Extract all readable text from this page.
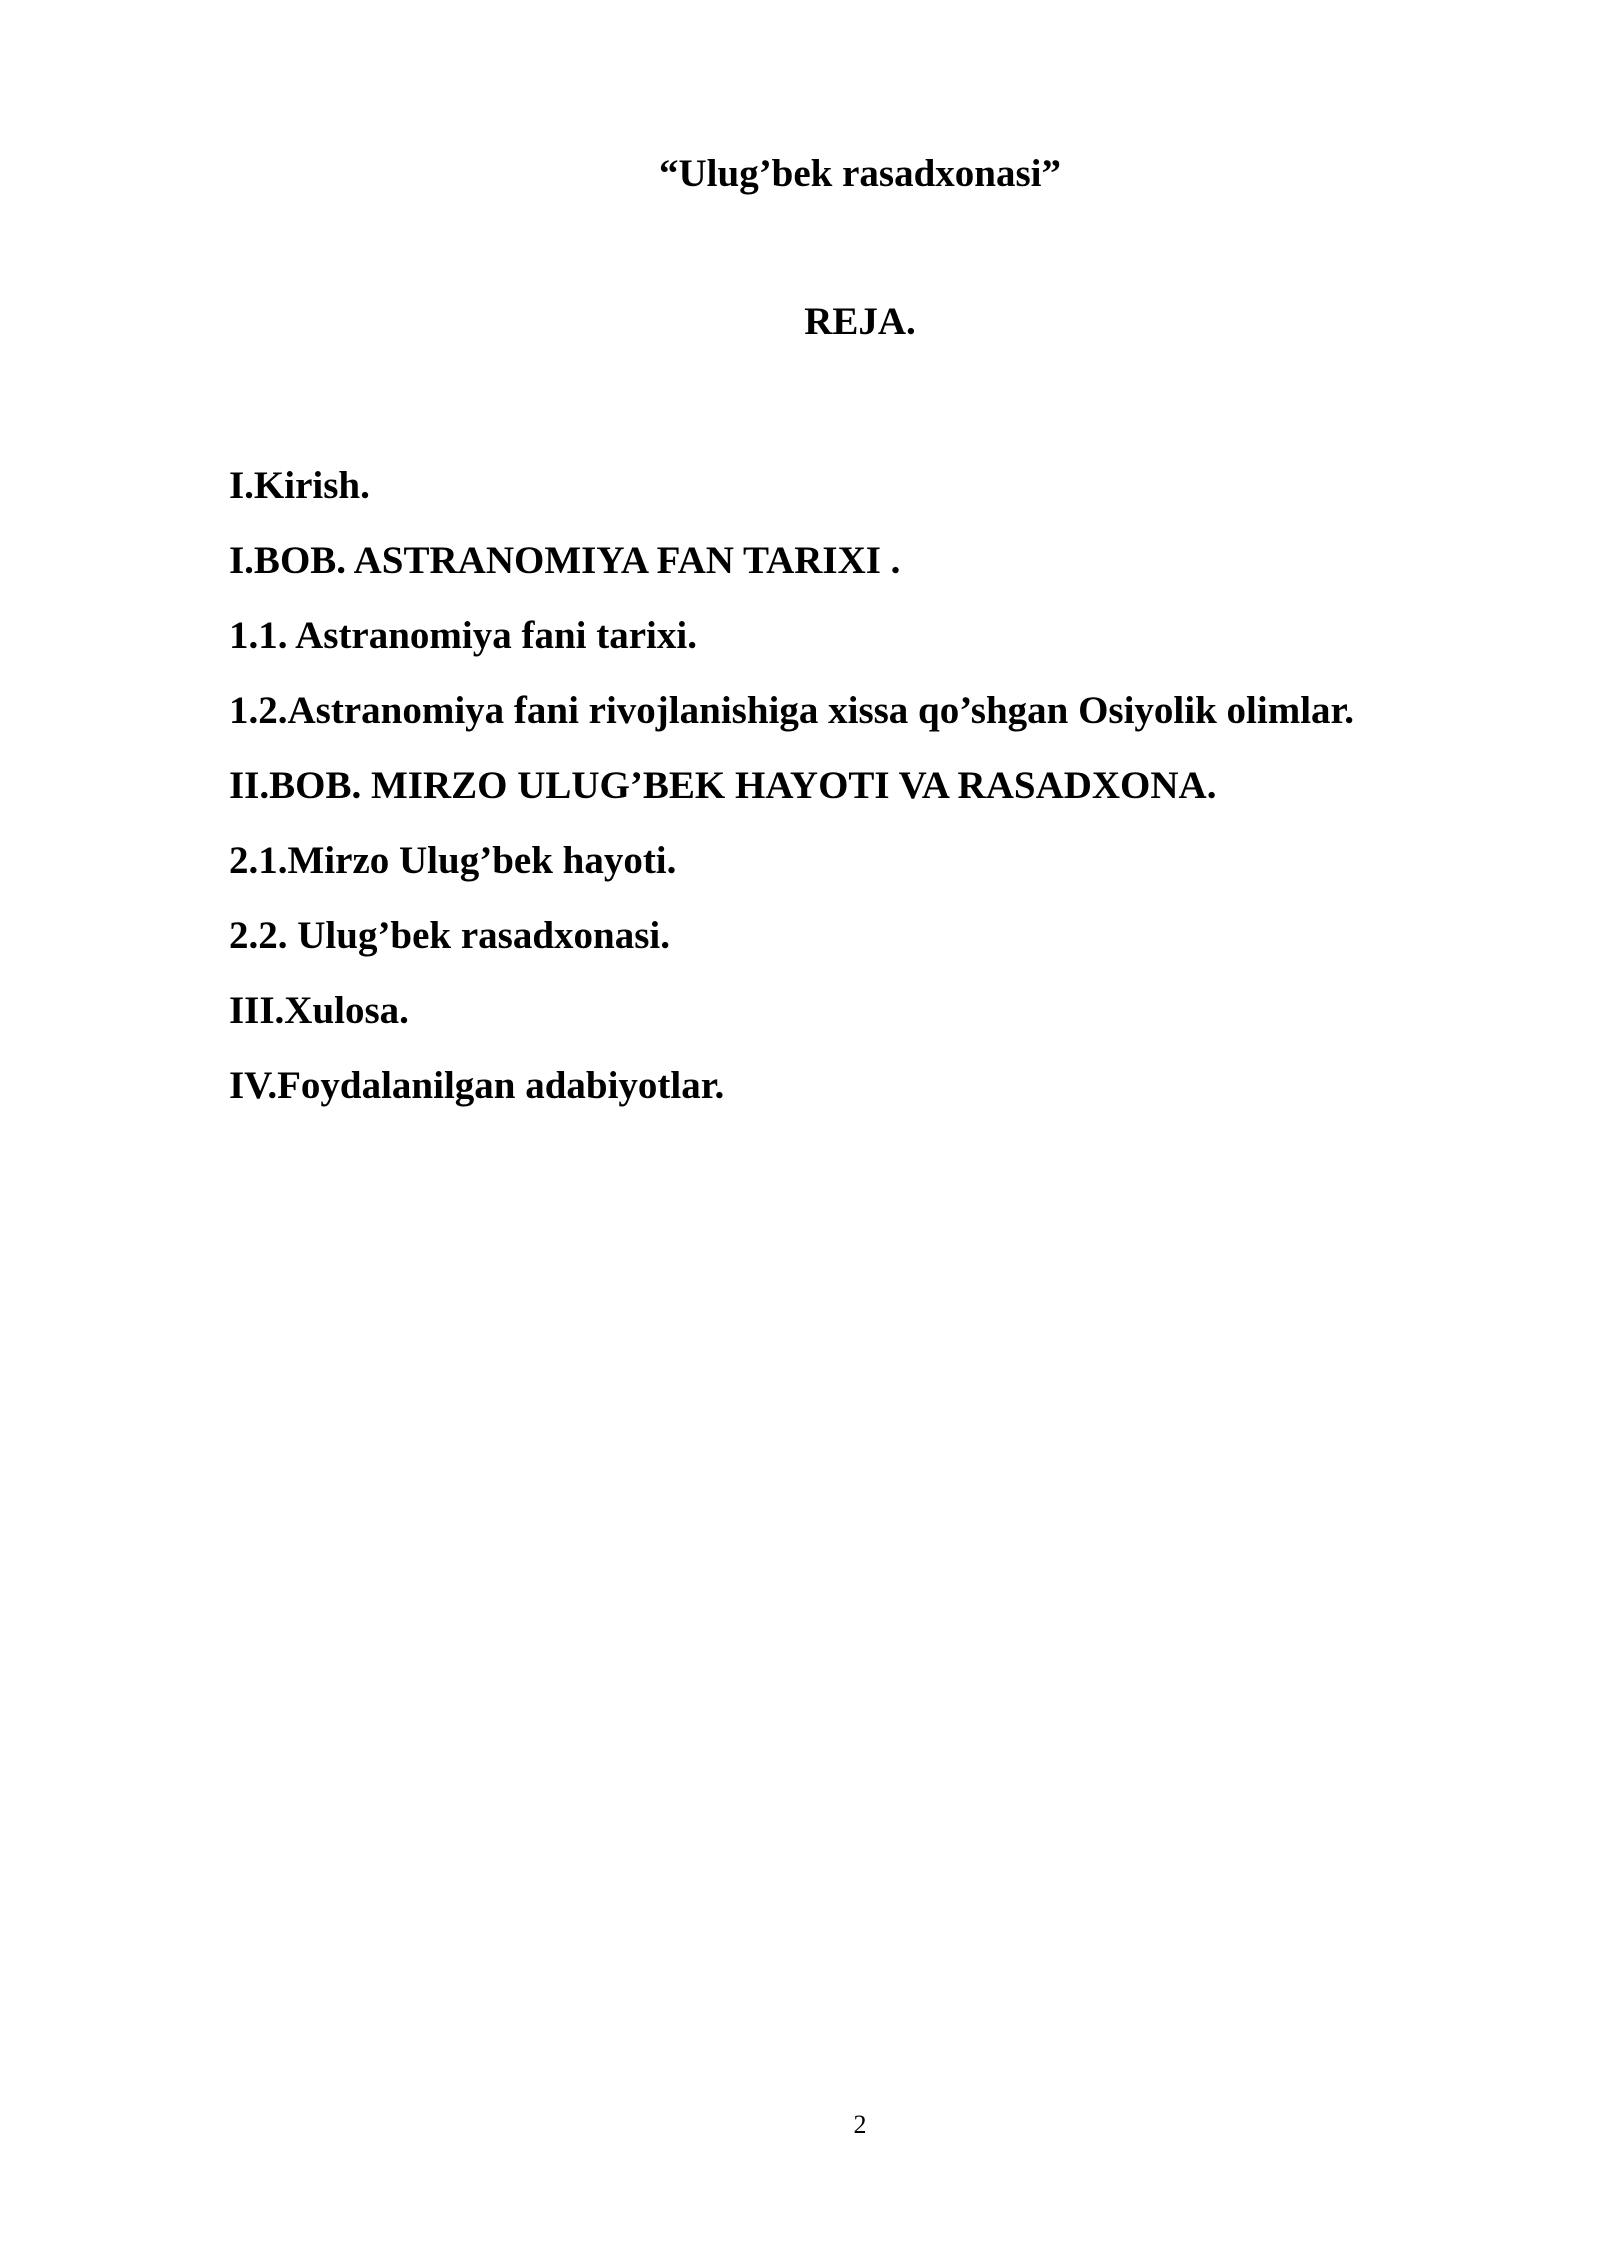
“Ulug’bek rasadxonasi”
REJA.
I.Kirish.
I.BOB. ASTRANOMIYA FAN TARIXI .
1.1. Astranomiya fani tarixi.
1.2.Astranomiya fani rivojlanishiga xissa qo’shgan Osiyolik olimlar.
II.BOB. MIRZO ULUG’BEK HAYOTI VA RASADXONA.
2.1.Mirzo Ulug’bek hayoti.
2.2. Ulug’bek rasadxonasi.
III.Xulosa.
IV.Foydalanilgan adabiyotlar.
2
